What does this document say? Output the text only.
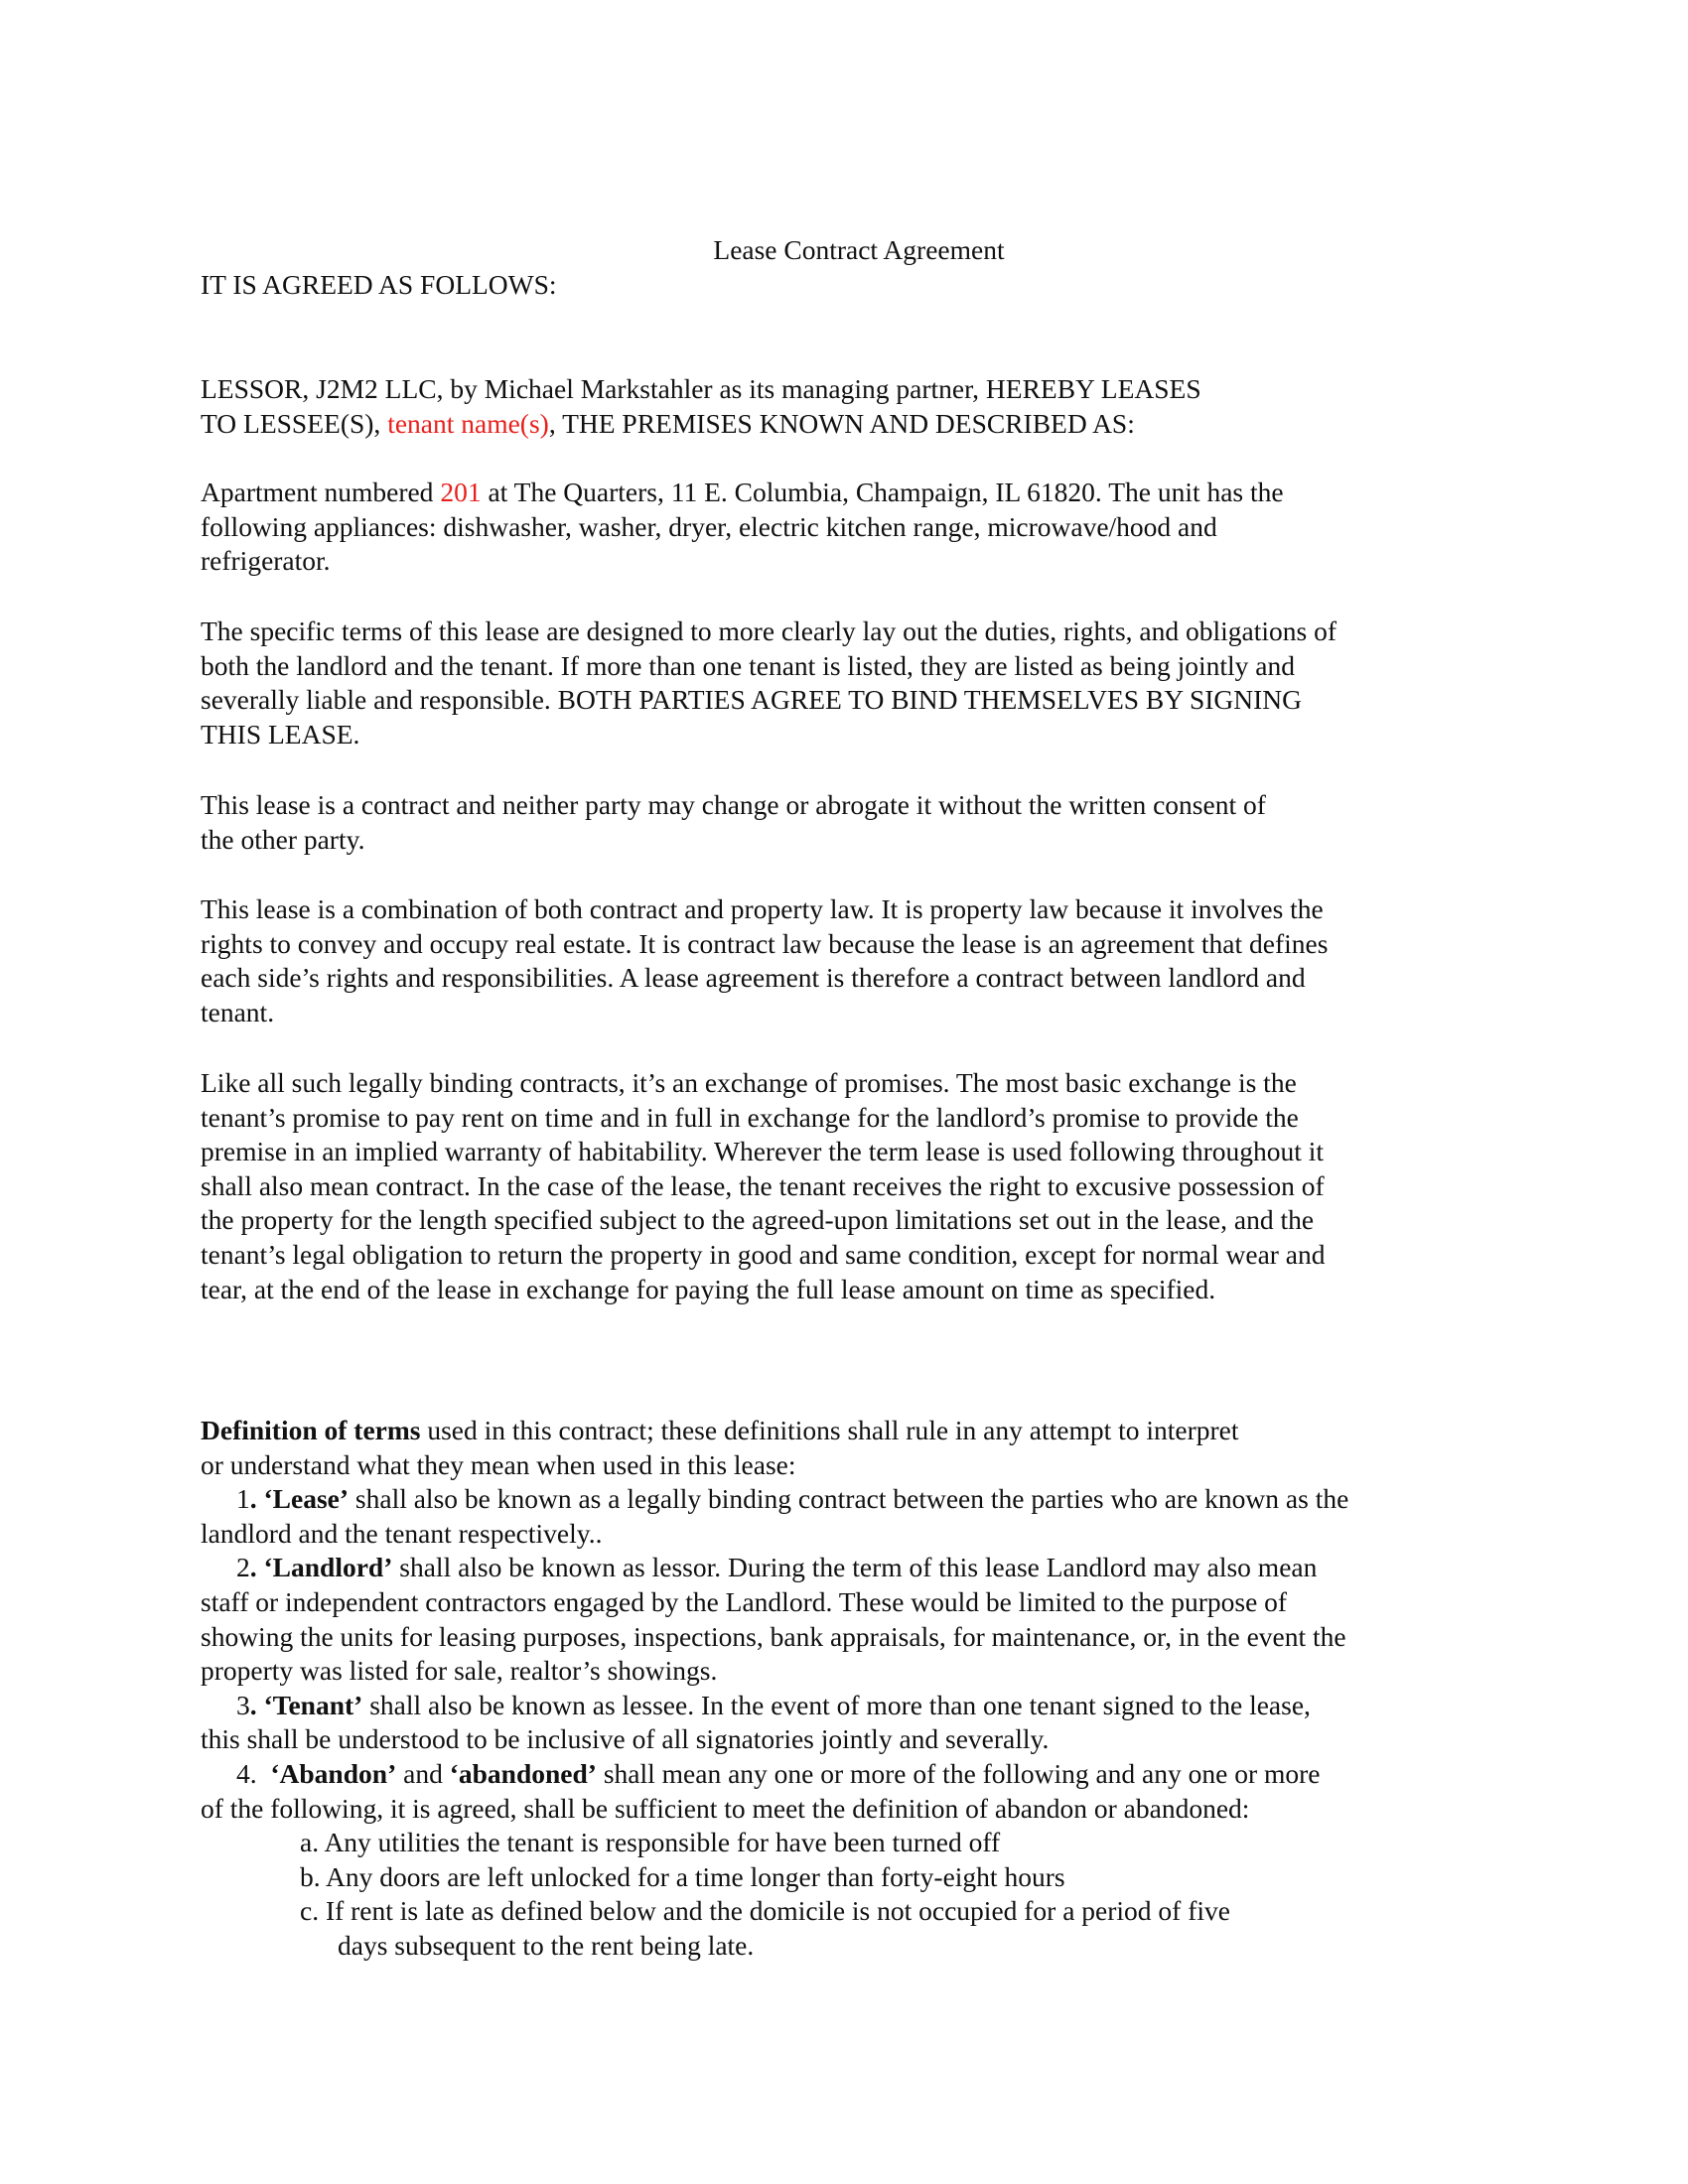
Lease Contract Agreement

IT IS AGREED AS FOLLOWS:

LESSOR, J2M2 LLC, by Michael Markstahler as its managing partner, HEREBY LEASES
TO LESSEE(S), tenant name(s), THE PREMISES KNOWN AND DESCRIBED AS:

Apartment numbered 201 at The Quarters, 11 E. Columbia, Champaign, IL 61820. The unit has the
following appliances: dishwasher, washer, dryer, electric kitchen range, microwave/hood and
refrigerator.

The specific terms of this lease are designed to more clearly lay out the duties, rights, and obligations of
both the landlord and the tenant. If more than one tenant is listed, they are listed as being jointly and
severally liable and responsible. BOTH PARTIES AGREE TO BIND THEMSELVES BY SIGNING
THIS LEASE.

This lease is a contract and neither party may change or abrogate it without the written consent of
the other party.

This lease is a combination of both contract and property law. It is property law because it involves the
rights to convey and occupy real estate. It is contract law because the lease is an agreement that defines
each side’s rights and responsibilities. A lease agreement is therefore a contract between landlord and
tenant.

Like all such legally binding contracts, it’s an exchange of promises. The most basic exchange is the
tenant’s promise to pay rent on time and in full in exchange for the landlord’s promise to provide the
premise in an implied warranty of habitability. Wherever the term lease is used following throughout it
shall also mean contract. In the case of the lease, the tenant receives the right to excusive possession of
the property for the length specified subject to the agreed-upon limitations set out in the lease, and the
tenant’s legal obligation to return the property in good and same condition, except for normal wear and
tear, at the end of the lease in exchange for paying the full lease amount on time as specified.

Definition of terms used in this contract; these definitions shall rule in any attempt to interpret
or understand what they mean when used in this lease:
1. ‘Lease’ shall also be known as a legally binding contract between the parties who are known as the
landlord and the tenant respectively..
2. ‘Landlord’ shall also be known as lessor. During the term of this lease Landlord may also mean
staff or independent contractors engaged by the Landlord. These would be limited to the purpose of
showing the units for leasing purposes, inspections, bank appraisals, for maintenance, or, in the event the
property was listed for sale, realtor’s showings.
3. ‘Tenant’ shall also be known as lessee. In the event of more than one tenant signed to the lease,
this shall be understood to be inclusive of all signatories jointly and severally.
4.  ‘Abandon’ and ‘abandoned’ shall mean any one or more of the following and any one or more
of the following, it is agreed, shall be sufficient to meet the definition of abandon or abandoned:
a. Any utilities the tenant is responsible for have been turned off
b. Any doors are left unlocked for a time longer than forty-eight hours
c. If rent is late as defined below and the domicile is not occupied for a period of five
days subsequent to the rent being late.
